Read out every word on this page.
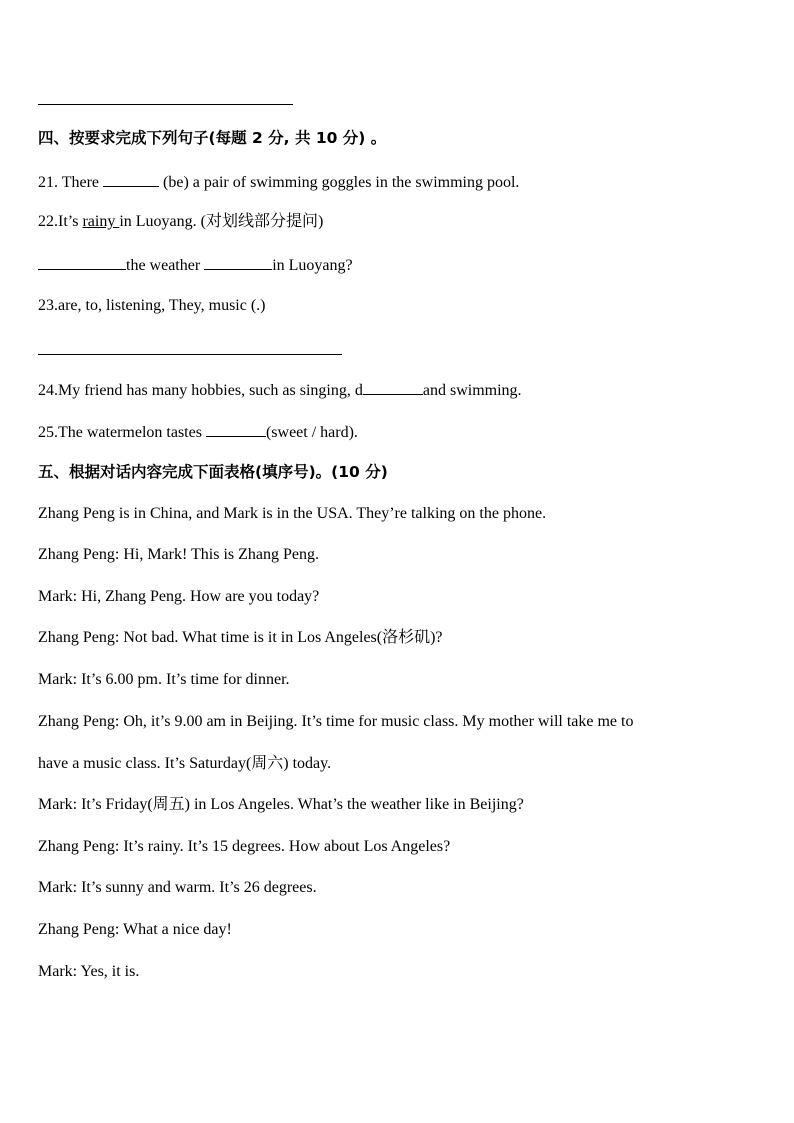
四、按要求完成下列句子(每题 2 分, 共 10 分) 。
21. There	(be) a pair of swimming goggles in the swimming pool.
22.It’s rainy in Luoyang. (对划线部分提问)
the weather	in Luoyang?
23.are, to, listening, They, music (.)
24.My friend has many hobbies, such as singing, d	and swimming.
25.The watermelon tastes	(sweet / hard).
五、根据对话内容完成下面表格(填序号)。(10 分)
Zhang Peng is in China, and Mark is in the USA. They’re talking on the phone.
Zhang Peng: Hi, Mark! This is Zhang Peng.
Mark: Hi, Zhang Peng. How are you today?
Zhang Peng: Not bad. What time is it in Los Angeles(洛杉矶)?
Mark: It’s 6.00 pm. It’s time for dinner.
Zhang Peng: Oh, it’s 9.00 am in Beijing. It’s time for music class. My mother will take me to
have a music class. It’s Saturday(周六) today.
Mark: It’s Friday(周五) in Los Angeles. What’s the weather like in Beijing?
Zhang Peng: It’s rainy. It’s 15 degrees. How about Los Angeles?
Mark: It’s sunny and warm. It’s 26 degrees.
Zhang Peng: What a nice day!
Mark: Yes, it is.
